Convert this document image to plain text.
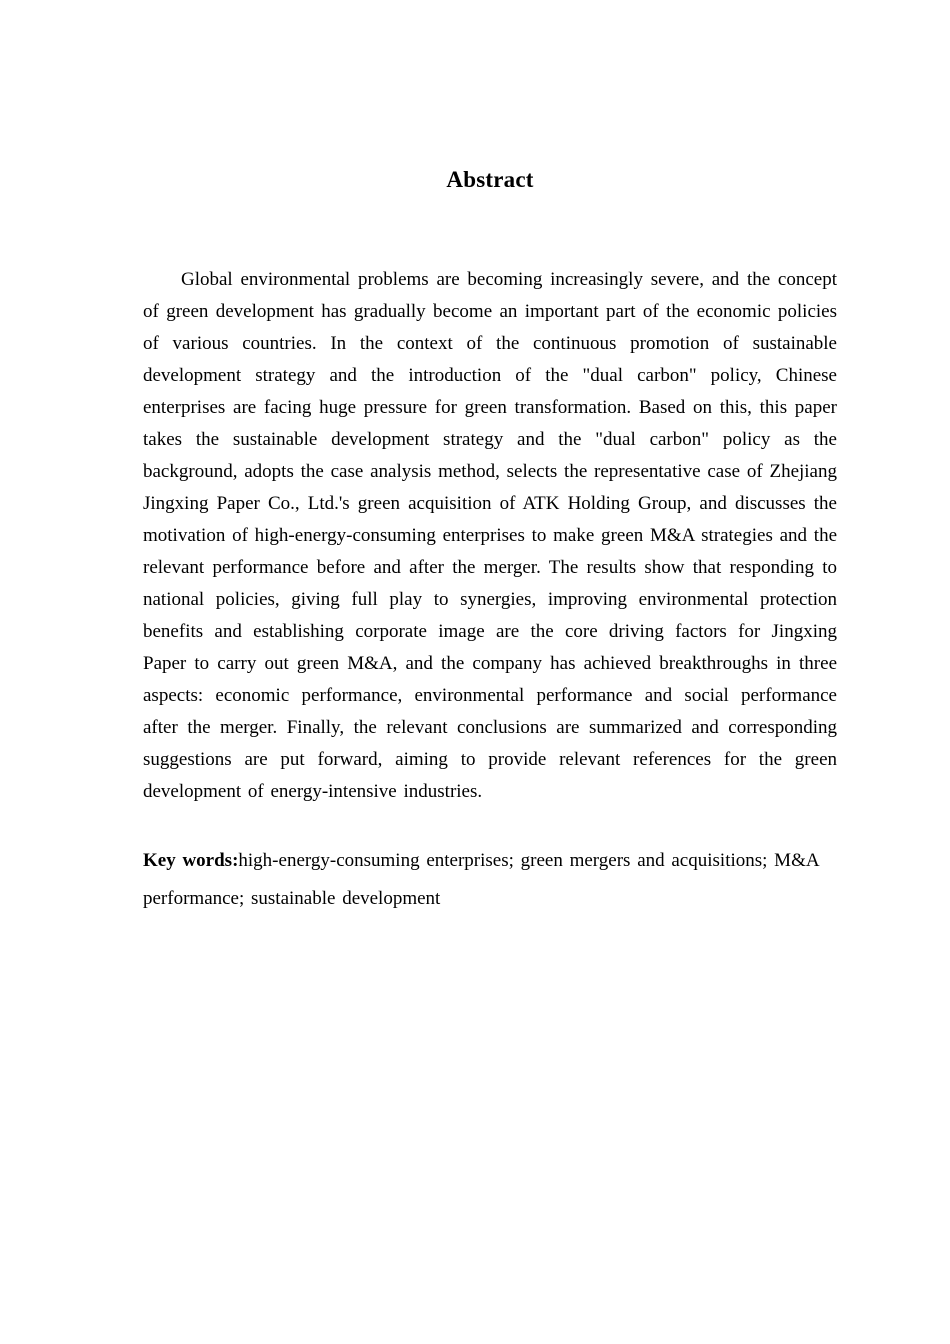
Abstract

Global environmental problems are becoming increasingly severe, and the concept of green development has gradually become an important part of the economic policies of various countries. In the context of the continuous promotion of sustainable development strategy and the introduction of the "dual carbon" policy, Chinese enterprises are facing huge pressure for green transformation. Based on this, this paper takes the sustainable development strategy and the "dual carbon" policy as the background, adopts the case analysis method, selects the representative case of Zhejiang Jingxing Paper Co., Ltd.'s green acquisition of ATK Holding Group, and discusses the motivation of high-energy-consuming enterprises to make green M&A strategies and the relevant performance before and after the merger. The results show that responding to national policies, giving full play to synergies, improving environmental protection benefits and establishing corporate image are the core driving factors for Jingxing Paper to carry out green M&A, and the company has achieved breakthroughs in three aspects: economic performance, environmental performance and social performance after the merger. Finally, the relevant conclusions are summarized and corresponding suggestions are put forward, aiming to provide relevant references for the green development of energy-intensive industries.

Key words:high-energy-consuming enterprises; green mergers and acquisitions; M&A performance; sustainable development
